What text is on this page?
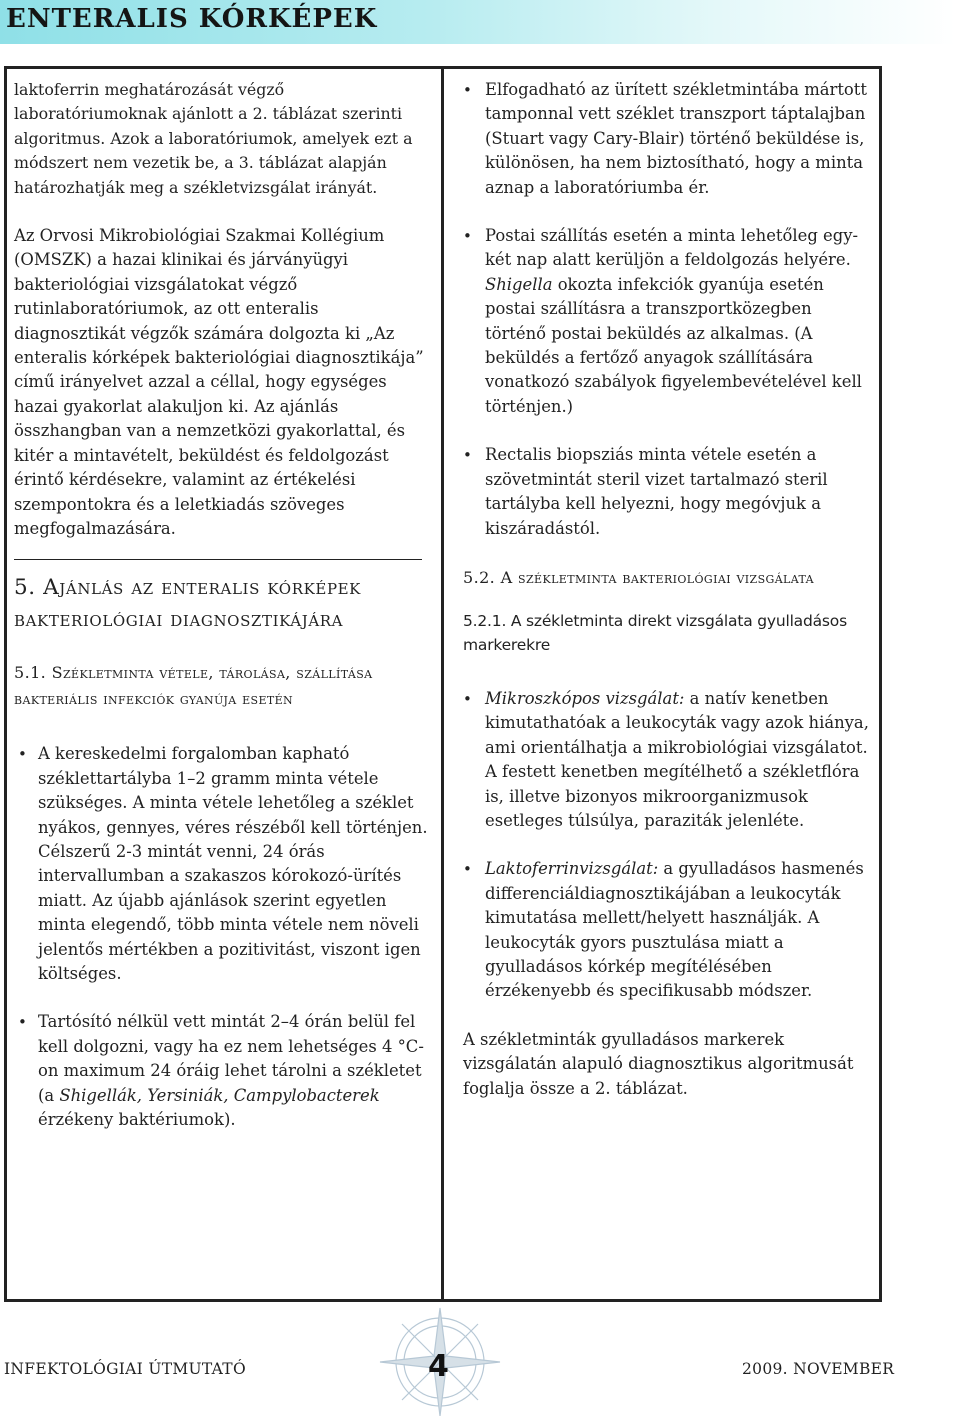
ENTERALIS KÓRKÉPEK

laktoferrin meghatározását végző laboratóriumoknak ajánlott a 2. táblázat szerinti algoritmus. Azok a laboratóriumok, amelyek ezt a módszert nem vezetik be, a 3. táblázat alapján határozhatják meg a székletvizsgálat irányát.

Az Orvosi Mikrobiológiai Szakmai Kollégium (OMSZK) a hazai klinikai és járványügyi bakteriológiai vizsgálatokat végző rutinlaboratóriumok, az ott enteralis diagnosztikát végzők számára dolgozta ki „Az enteralis kórképek bakteriológiai diagnosztikája” című irányelvet azzal a céllal, hogy egységes hazai gyakorlat alakuljon ki. Az ajánlás összhangban van a nemzetközi gyakorlattal, és kitér a mintavételt, beküldést és feldolgozást érintő kérdésekre, valamint az értékelési szempontokra és a leletkiadás szöveges megfogalmazására.

5. Ajánlás az enteralis kórképek bakteriológiai diagnosztikájára
5.1. Székletminta vétele, tárolása, szállítása bakteriális infekciók gyanúja esetén

• A kereskedelmi forgalomban kapható széklettartályba 1–2 gramm minta vétele szükséges. A minta vétele lehetőleg a széklet nyákos, gennyes, véres részéből kell történjen. Célszerű 2-3 mintát venni, 24 órás intervallumban a szakaszos kórokozó-ürítés miatt. Az újabb ajánlások szerint egyetlen minta elegendő, több minta vétele nem növeli jelentős mértékben a pozitivitást, viszont igen költséges.

• Tartósító nélkül vett mintát 2–4 órán belül fel kell dolgozni, vagy ha ez nem lehetséges 4 °C-on maximum 24 óráig lehet tárolni a székletet (a Shigellák, Yersiniák, Campylobacterek érzékeny baktériumok).

• Elfogadható az ürített székletmintába mártott tamponnal vett széklet transzport táptalajban (Stuart vagy Cary-Blair) történő beküldése is, különösen, ha nem biztosítható, hogy a minta aznap a laboratóriumba ér.

• Postai szállítás esetén a minta lehetőleg egy-két nap alatt kerüljön a feldolgozás helyére. Shigella okozta infekciók gyanúja esetén postai szállításra a transzportközegben történő postai beküldés az alkalmas. (A beküldés a fertőző anyagok szállítására vonatkozó szabályok figyelembevételével kell történjen.)

• Rectalis biopsziás minta vétele esetén a szövetmintát steril vizet tartalmazó steril tartályba kell helyezni, hogy megóvjuk a kiszáradástól.

5.2. A székletminta bakteriológiai vizsgálata
5.2.1. A székletminta direkt vizsgálata gyulladásos markerekre

• Mikroszkópos vizsgálat: a natív kenetben kimutathatóak a leukocyták vagy azok hiánya, ami orientálhatja a mikrobiológiai vizsgálatot. A festett kenetben megítélhető a székletflóra is, illetve bizonyos mikroorganizmusok esetleges túlsúlya, paraziták jelenléte.

• Laktoferrinvizsgálat: a gyulladásos hasmenés differenciáldiagnosztikájában a leukocyták kimutatása mellett/helyett használják. A leukocyták gyors pusztulása miatt a gyulladásos kórkép megítélésében érzékenyebb és specifikusabb módszer.

A székletminták gyulladásos markerek vizsgálatán alapuló diagnosztikus algoritmusát foglalja össze a 2. táblázat.

INFEKTOLÓGIAI ÚTMUTATÓ	4	2009. NOVEMBER
